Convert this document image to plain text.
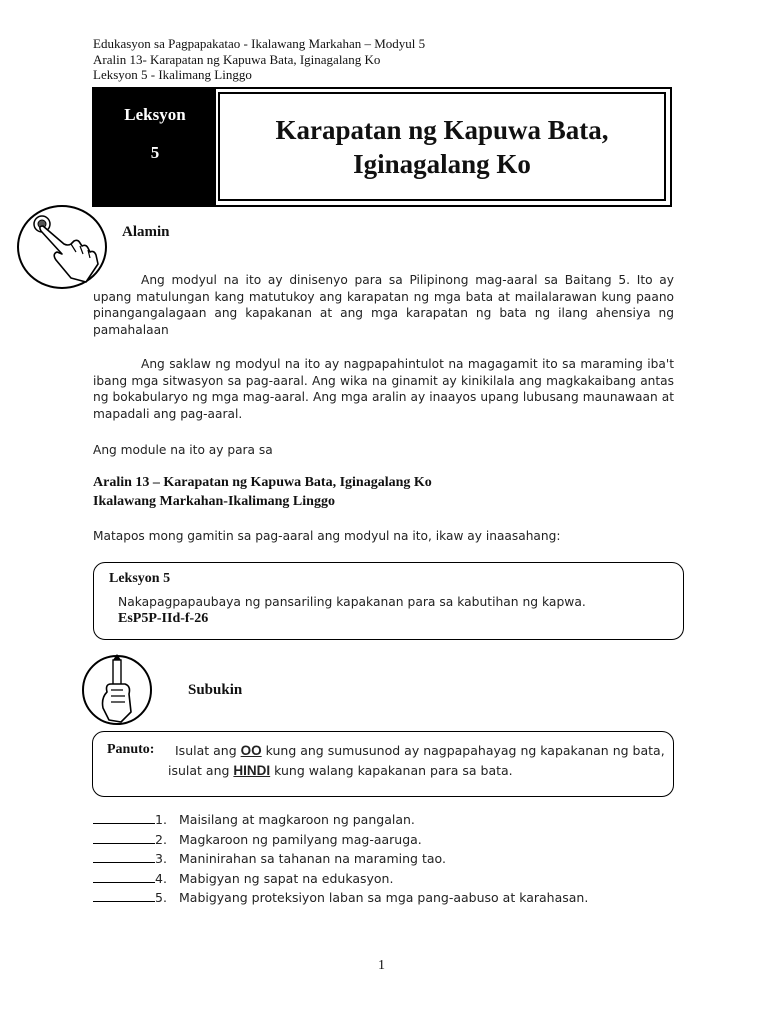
Edukasyon sa Pagpapakatao - Ikalawang Markahan – Modyul 5
Aralin 13- Karapatan ng Kapuwa Bata, Iginagalang Ko
Leksyon 5 - Ikalimang Linggo
Leksyon
5
Karapatan ng Kapuwa Bata,
Iginagalang Ko
Alamin
Ang modyul na ito ay dinisenyo para sa Pilipinong mag-aaral sa Baitang 5. Ito ay upang matulungan kang matutukoy ang karapatan ng mga bata at mailalarawan kung paano pinangangalagaan ang kapakanan at ang mga karapatan ng bata ng ilang ahensiya ng pamahalaan
Ang saklaw ng modyul na ito ay nagpapahintulot na magagamit ito sa maraming iba't ibang mga sitwasyon sa pag-aaral. Ang wika na ginamit ay kinikilala ang magkakaibang antas ng bokabularyo ng mga mag-aaral. Ang mga aralin ay inaayos upang lubusang maunawaan at mapadali ang pag-aaral.
Ang module na ito ay para sa
Aralin 13 – Karapatan ng Kapuwa Bata, Iginagalang Ko
Ikalawang Markahan-Ikalimang Linggo
Matapos mong gamitin sa pag-aaral ang modyul na ito, ikaw ay inaasahang:
Leksyon 5
Nakapagpapaubaya ng pansariling kapakanan para sa kabutihan ng kapwa.
EsP5P-IId-f-26
Subukin
Panuto: Isulat ang OO kung ang sumusunod ay nagpapahayag ng kapakanan ng bata,
isulat ang HINDI kung walang kapakanan para sa bata.
1. Maisilang at magkaroon ng pangalan.
2. Magkaroon ng pamilyang mag-aaruga.
3. Maninirahan sa tahanan na maraming tao.
4. Mabigyan ng sapat na edukasyon.
5. Mabigyang proteksiyon laban sa mga pang-aabuso at karahasan.
1
